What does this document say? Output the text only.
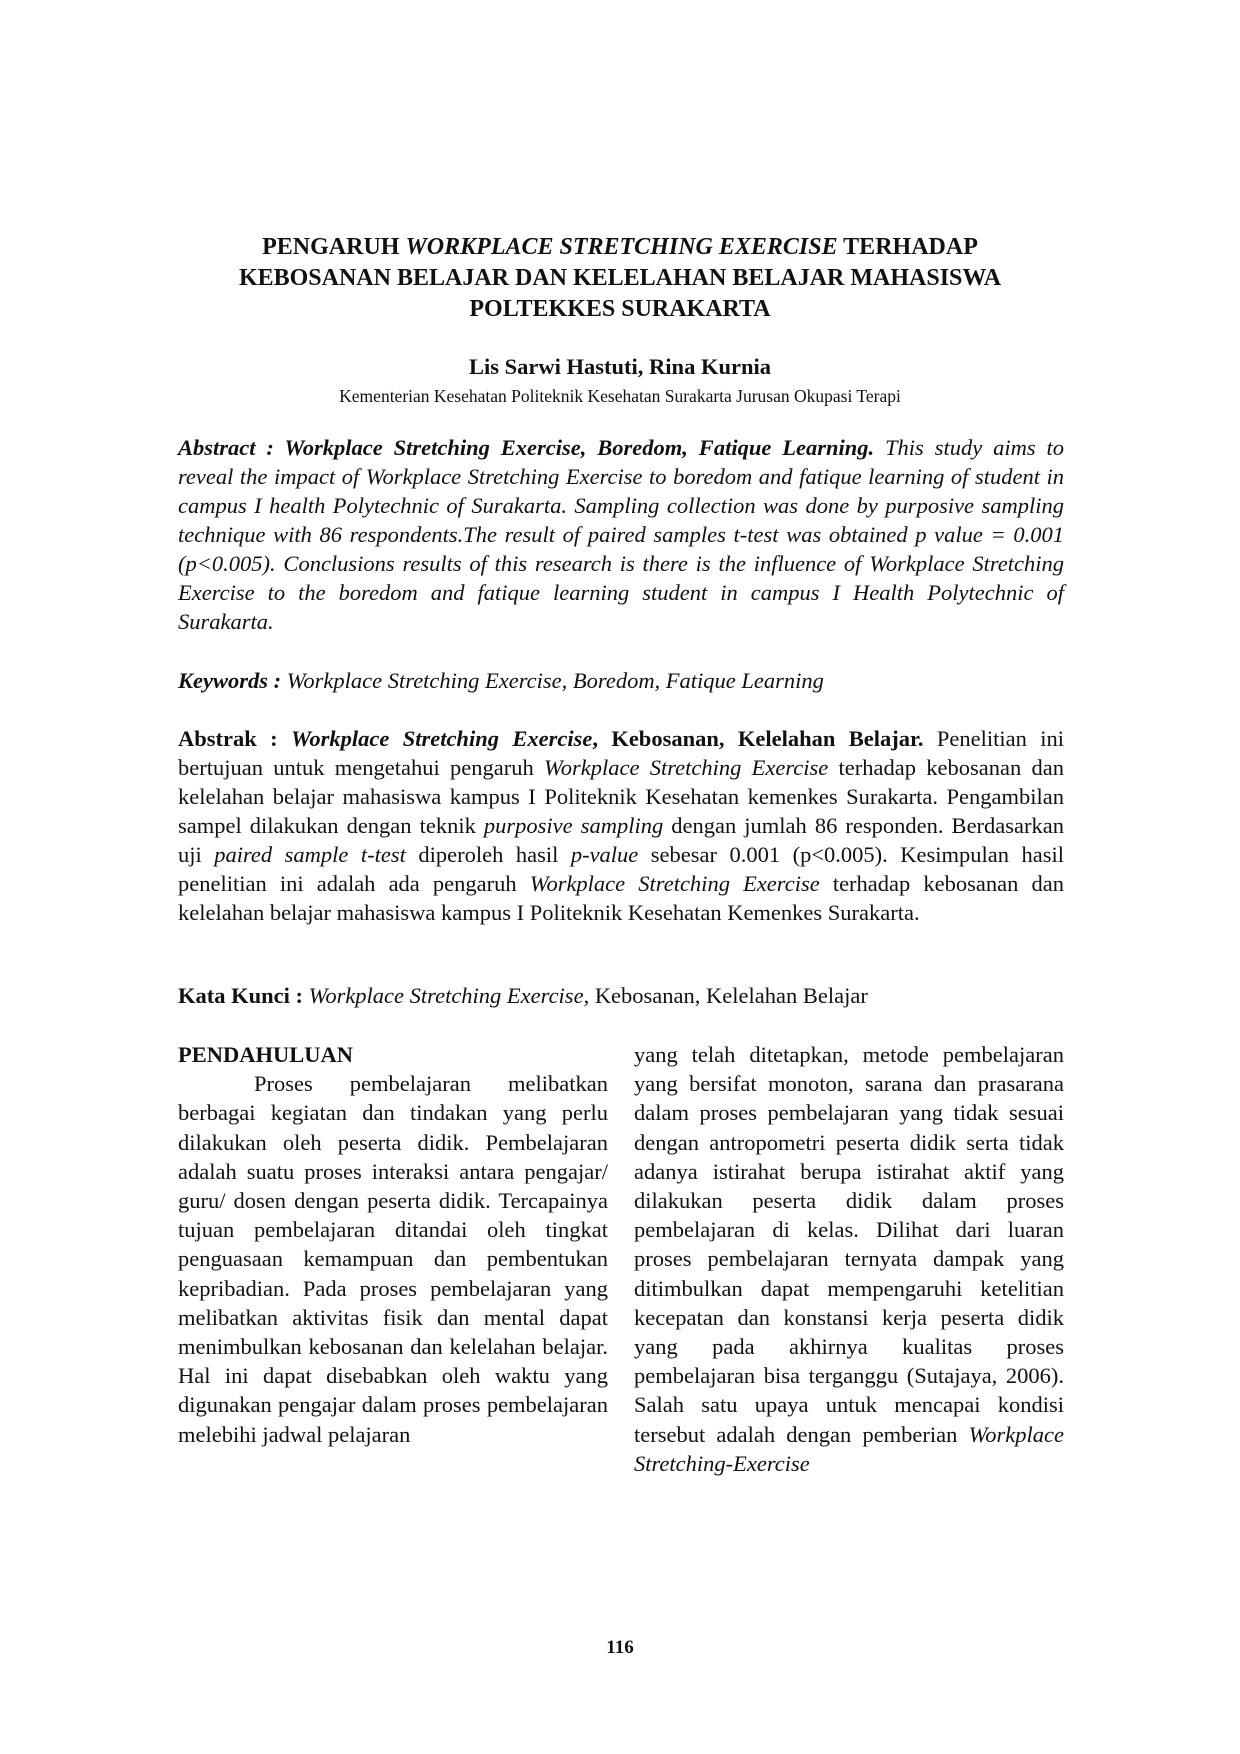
PENGARUH WORKPLACE STRETCHING EXERCISE TERHADAP
KEBOSANAN BELAJAR DAN KELELAHAN BELAJAR MAHASISWA
POLTEKKES SURAKARTA
Lis Sarwi Hastuti, Rina Kurnia
Kementerian Kesehatan Politeknik Kesehatan Surakarta Jurusan Okupasi Terapi
Abstract : Workplace Stretching Exercise, Boredom, Fatique Learning. This study aims to reveal the impact of Workplace Stretching Exercise to boredom and fatique learning of student in campus I health Polytechnic of Surakarta. Sampling collection was done by purposive sampling technique with 86 respondents.The result of paired samples t-test was obtained p value = 0.001 (p<0.005). Conclusions results of this research is there is the influence of Workplace Stretching Exercise to the boredom and fatique learning student in campus I Health Polytechnic of Surakarta.
Keywords : Workplace Stretching Exercise, Boredom, Fatique Learning
Abstrak : Workplace Stretching Exercise, Kebosanan, Kelelahan Belajar. Penelitian ini bertujuan untuk mengetahui pengaruh Workplace Stretching Exercise terhadap kebosanan dan kelelahan belajar mahasiswa kampus I Politeknik Kesehatan kemenkes Surakarta. Pengambilan sampel dilakukan dengan teknik purposive sampling dengan jumlah 86 responden. Berdasarkan uji paired sample t-test diperoleh hasil p-value sebesar 0.001 (p<0.005). Kesimpulan hasil penelitian ini adalah ada pengaruh Workplace Stretching Exercise terhadap kebosanan dan kelelahan belajar mahasiswa kampus I Politeknik Kesehatan Kemenkes Surakarta.
Kata Kunci : Workplace Stretching Exercise, Kebosanan, Kelelahan Belajar
PENDAHULUAN
Proses pembelajaran melibatkan berbagai kegiatan dan tindakan yang perlu dilakukan oleh peserta didik. Pembelajaran adalah suatu proses interaksi antara pengajar/ guru/ dosen dengan peserta didik. Tercapainya tujuan pembelajaran ditandai oleh tingkat penguasaan kemampuan dan pembentukan kepribadian. Pada proses pembelajaran yang melibatkan aktivitas fisik dan mental dapat menimbulkan kebosanan dan kelelahan belajar. Hal ini dapat disebabkan oleh waktu yang digunakan pengajar dalam proses pembelajaran melebihi jadwal pelajaran
yang telah ditetapkan, metode pembelajaran yang bersifat monoton, sarana dan prasarana dalam proses pembelajaran yang tidak sesuai dengan antropometri peserta didik serta tidak adanya istirahat berupa istirahat aktif yang dilakukan peserta didik dalam proses pembelajaran di kelas. Dilihat dari luaran proses pembelajaran ternyata dampak yang ditimbulkan dapat mempengaruhi ketelitian kecepatan dan konstansi kerja peserta didik yang pada akhirnya kualitas proses pembelajaran bisa terganggu (Sutajaya, 2006). Salah satu upaya untuk mencapai kondisi tersebut adalah dengan pemberian Workplace Stretching-Exercise
116
